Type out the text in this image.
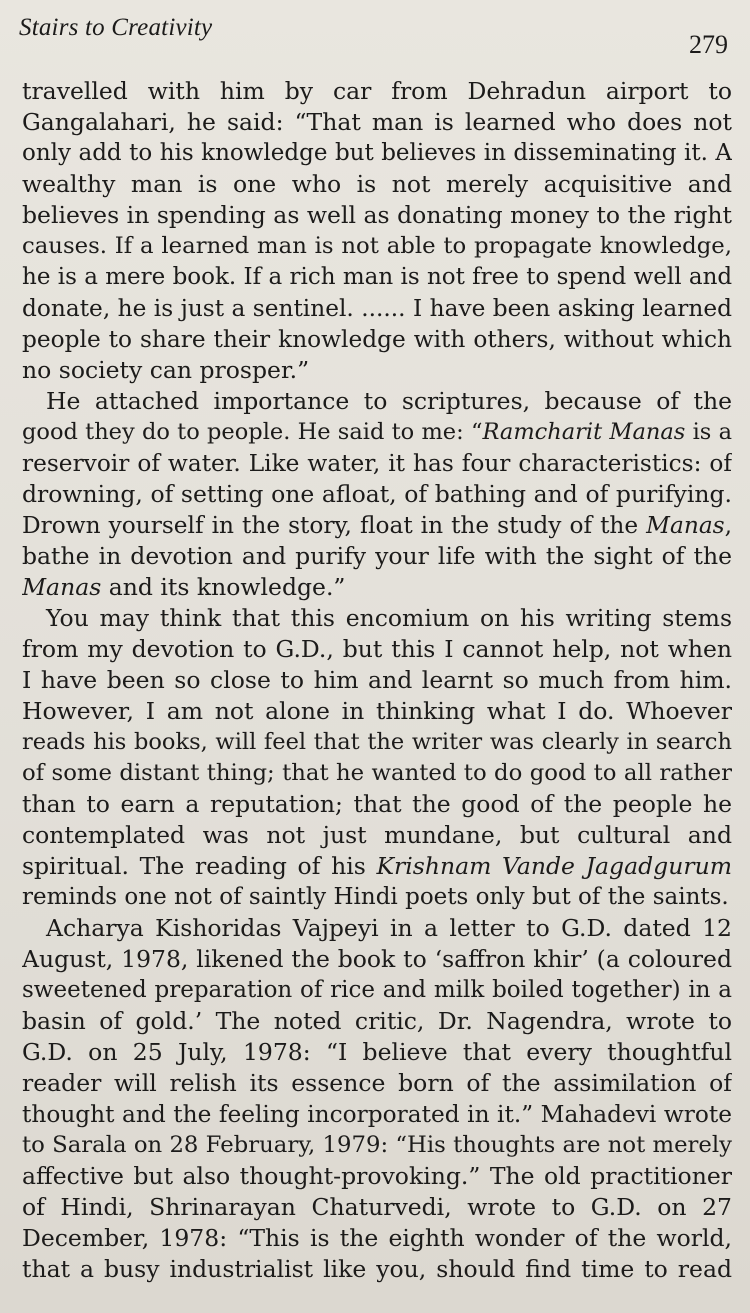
Stairs to Creativity
279
travelled with him by car from Dehradun airport to
Gangalahari, he said: “That man is learned who does not
only add to his knowledge but believes in disseminating it. A
wealthy man is one who is not merely acquisitive and
believes in spending as well as donating money to the right
causes. If a learned man is not able to propagate knowledge,
he is a mere book. If a rich man is not free to spend well and
donate, he is just a sentinel. ...... I have been asking learned
people to share their knowledge with others, without which
no society can prosper.”
He attached importance to scriptures, because of the
good they do to people. He said to me: “Ramcharit Manas is a
reservoir of water. Like water, it has four characteristics: of
drowning, of setting one afloat, of bathing and of purifying.
Drown yourself in the story, float in the study of the Manas,
bathe in devotion and purify your life with the sight of the
Manas and its knowledge.”
You may think that this encomium on his writing stems
from my devotion to G.D., but this I cannot help, not when
I have been so close to him and learnt so much from him.
However, I am not alone in thinking what I do. Whoever
reads his books, will feel that the writer was clearly in search
of some distant thing; that he wanted to do good to all rather
than to earn a reputation; that the good of the people he
contemplated was not just mundane, but cultural and
spiritual. The reading of his Krishnam Vande Jagadgurum
reminds one not of saintly Hindi poets only but of the saints.
Acharya Kishoridas Vajpeyi in a letter to G.D. dated 12
August, 1978, likened the book to ‘saffron khir’ (a coloured
sweetened preparation of rice and milk boiled together) in a
basin of gold.’ The noted critic, Dr. Nagendra, wrote to
G.D. on 25 July, 1978: “I believe that every thoughtful
reader will relish its essence born of the assimilation of
thought and the feeling incorporated in it.” Mahadevi wrote
to Sarala on 28 February, 1979: “His thoughts are not merely
affective but also thought-provoking.” The old practitioner
of Hindi, Shrinarayan Chaturvedi, wrote to G.D. on 27
December, 1978: “This is the eighth wonder of the world,
that a busy industrialist like you, should find time to read
